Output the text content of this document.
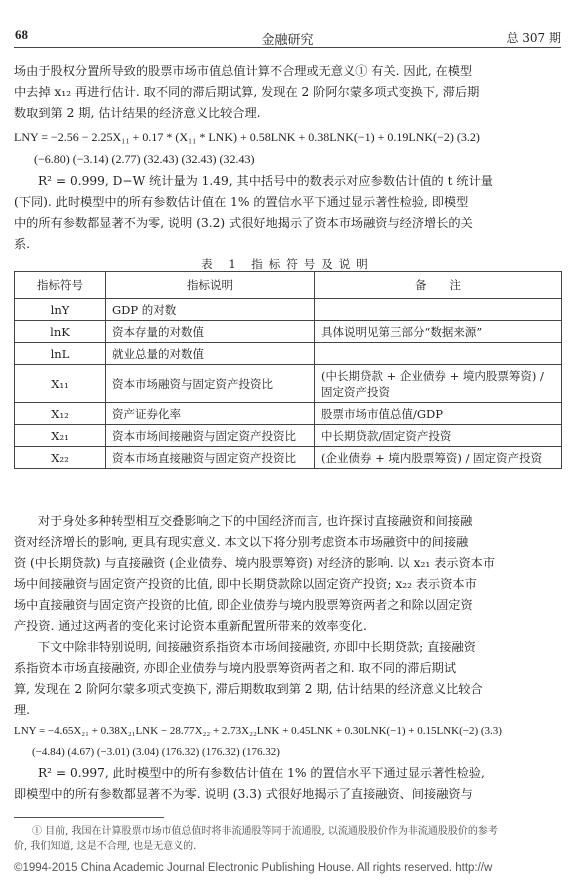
68	金融研究	总 307 期
场由于股权分置所导致的股票市场市值总值计算不合理或无意义① 有关. 因此, 在模型
中去掉 x₁₂ 再进行估计. 取不同的滞后期试算, 发现在 2 阶阿尔蒙多项式变换下, 滞后期
数取到第 2 期, 估计结果的经济意义比较合理.
LNY = −2.56 − 2.25X₁₁ + 0.17 * (X₁₁ * LNK) + 0.58LNK + 0.38LNK(−1) + 0.19LNK(−2) (3.2)
(−6.80) (−3.14) (2.77) (32.43) (32.43) (32.43)
R² = 0.999, D−W 统计量为 1.49, 其中括号中的数表示对应参数估计值的 t 统计量
(下同). 此时模型中的所有参数估计值在 1% 的置信水平下通过显示著性检验, 即模型
中的所有参数都显著不为零, 说明 (3.2) 式很好地揭示了资本市场融资与经济增长的关
系.
表 1 指标符号及说明
指标符号	指标说明	备　　注
lnY	GDP 的对数	
lnK	资本存量的对数值	具体说明见第三部分“数据来源”
lnL	就业总量的对数值	
X₁₁	资本市场融资与固定资产投资比	(中长期贷款 + 企业债券 + 境内股票筹资) / 固定资产投资
X₁₂	资产证券化率	股票市场市值总值/GDP
X₂₁	资本市场间接融资与固定资产投资比	中长期贷款/固定资产投资
X₂₂	资本市场直接融资与固定资产投资比	(企业债券 + 境内股票筹资) / 固定资产投资
对于身处多种转型相互交叠影响之下的中国经济而言, 也许探讨直接融资和间接融
资对经济增长的影响, 更具有现实意义. 本文以下将分别考虑资本市场融资中的间接融
资 (中长期贷款) 与直接融资 (企业债券、境内股票筹资) 对经济的影响. 以 x₂₁ 表示资本市
场中间接融资与固定资产投资的比值, 即中长期贷款除以固定资产投资; x₂₂ 表示资本市
场中直接融资与固定资产投资的比值, 即企业债券与境内股票筹资两者之和除以固定资
产投资. 通过这两者的变化来讨论资本重新配置所带来的效率变化.
下文中除非特别说明, 间接融资系指资本市场间接融资, 亦即中长期贷款; 直接融资
系指资本市场直接融资, 亦即企业债券与境内股票筹资两者之和. 取不同的滞后期试
算, 发现在 2 阶阿尔蒙多项式变换下, 滞后期数取到第 2 期, 估计结果的经济意义比较合
理.
LNY = −4.65X₂₁ + 0.38X₂₁LNK − 28.77X₂₂ + 2.73X₂₂LNK + 0.45LNK + 0.30LNK(−1) + 0.15LNK(−2) (3.3)
(−4.84) (4.67) (−3.01) (3.04) (176.32) (176.32) (176.32)
R² = 0.997, 此时模型中的所有参数估计值在 1% 的置信水平下通过显示著性检验,
即模型中的所有参数都显著不为零. 说明 (3.3) 式很好地揭示了直接融资、间接融资与
① 目前, 我国在计算股票市场市值总值时将非流通股等同于流通股, 以流通股股价作为非流通股股价的参考
价, 我们知道, 这是不合理, 也是无意义的.
©1994-2015 China Academic Journal Electronic Publishing House. All rights reserved. http://w
